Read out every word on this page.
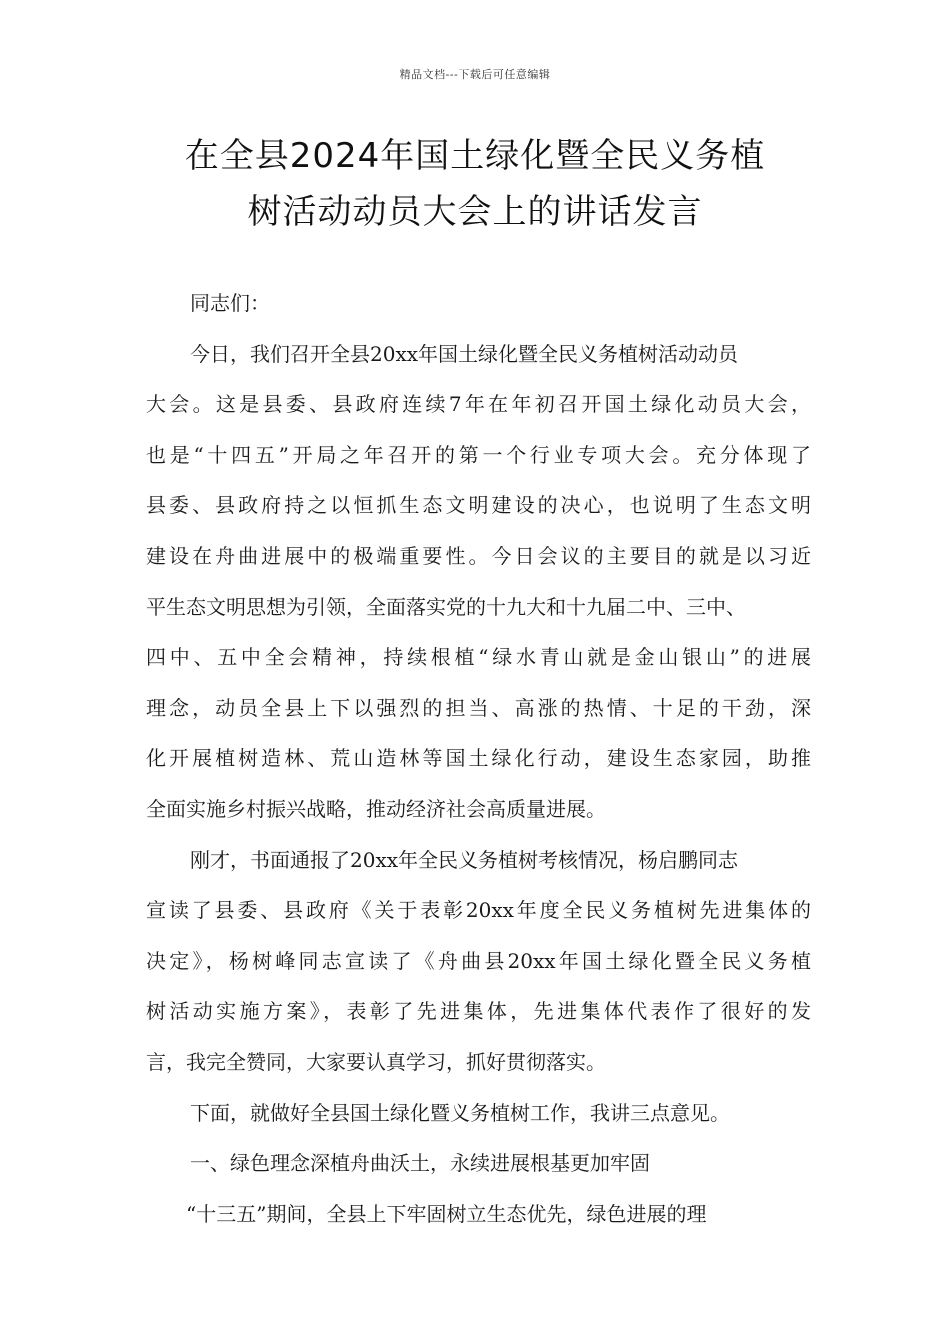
精品文档---下载后可任意编辑
在全县2024年国土绿化暨全民义务植
树活动动员大会上的讲话发言
同志们：
今日，我们召开全县20xx年国土绿化暨全民义务植树活动动员
大会。这是县委、县政府连续7年在年初召开国土绿化动员大会，
也是“十四五”开局之年召开的第一个行业专项大会。充分体现了
县委、县政府持之以恒抓生态文明建设的决心，也说明了生态文明
建设在舟曲进展中的极端重要性。今日会议的主要目的就是以习近
平生态文明思想为引领，全面落实党的十九大和十九届二中、三中、
四中、五中全会精神，持续根植“绿水青山就是金山银山”的进展
理念，动员全县上下以强烈的担当、高涨的热情、十足的干劲，深
化开展植树造林、荒山造林等国土绿化行动，建设生态家园，助推
全面实施乡村振兴战略，推动经济社会高质量进展。
刚才，书面通报了20xx年全民义务植树考核情况，杨启鹏同志
宣读了县委、县政府《关于表彰20xx年度全民义务植树先进集体的
决定》，杨树峰同志宣读了《舟曲县20xx年国土绿化暨全民义务植
树活动实施方案》，表彰了先进集体，先进集体代表作了很好的发
言，我完全赞同，大家要认真学习，抓好贯彻落实。
下面，就做好全县国土绿化暨义务植树工作，我讲三点意见。
一、绿色理念深植舟曲沃土，永续进展根基更加牢固
“十三五”期间，全县上下牢固树立生态优先，绿色进展的理
